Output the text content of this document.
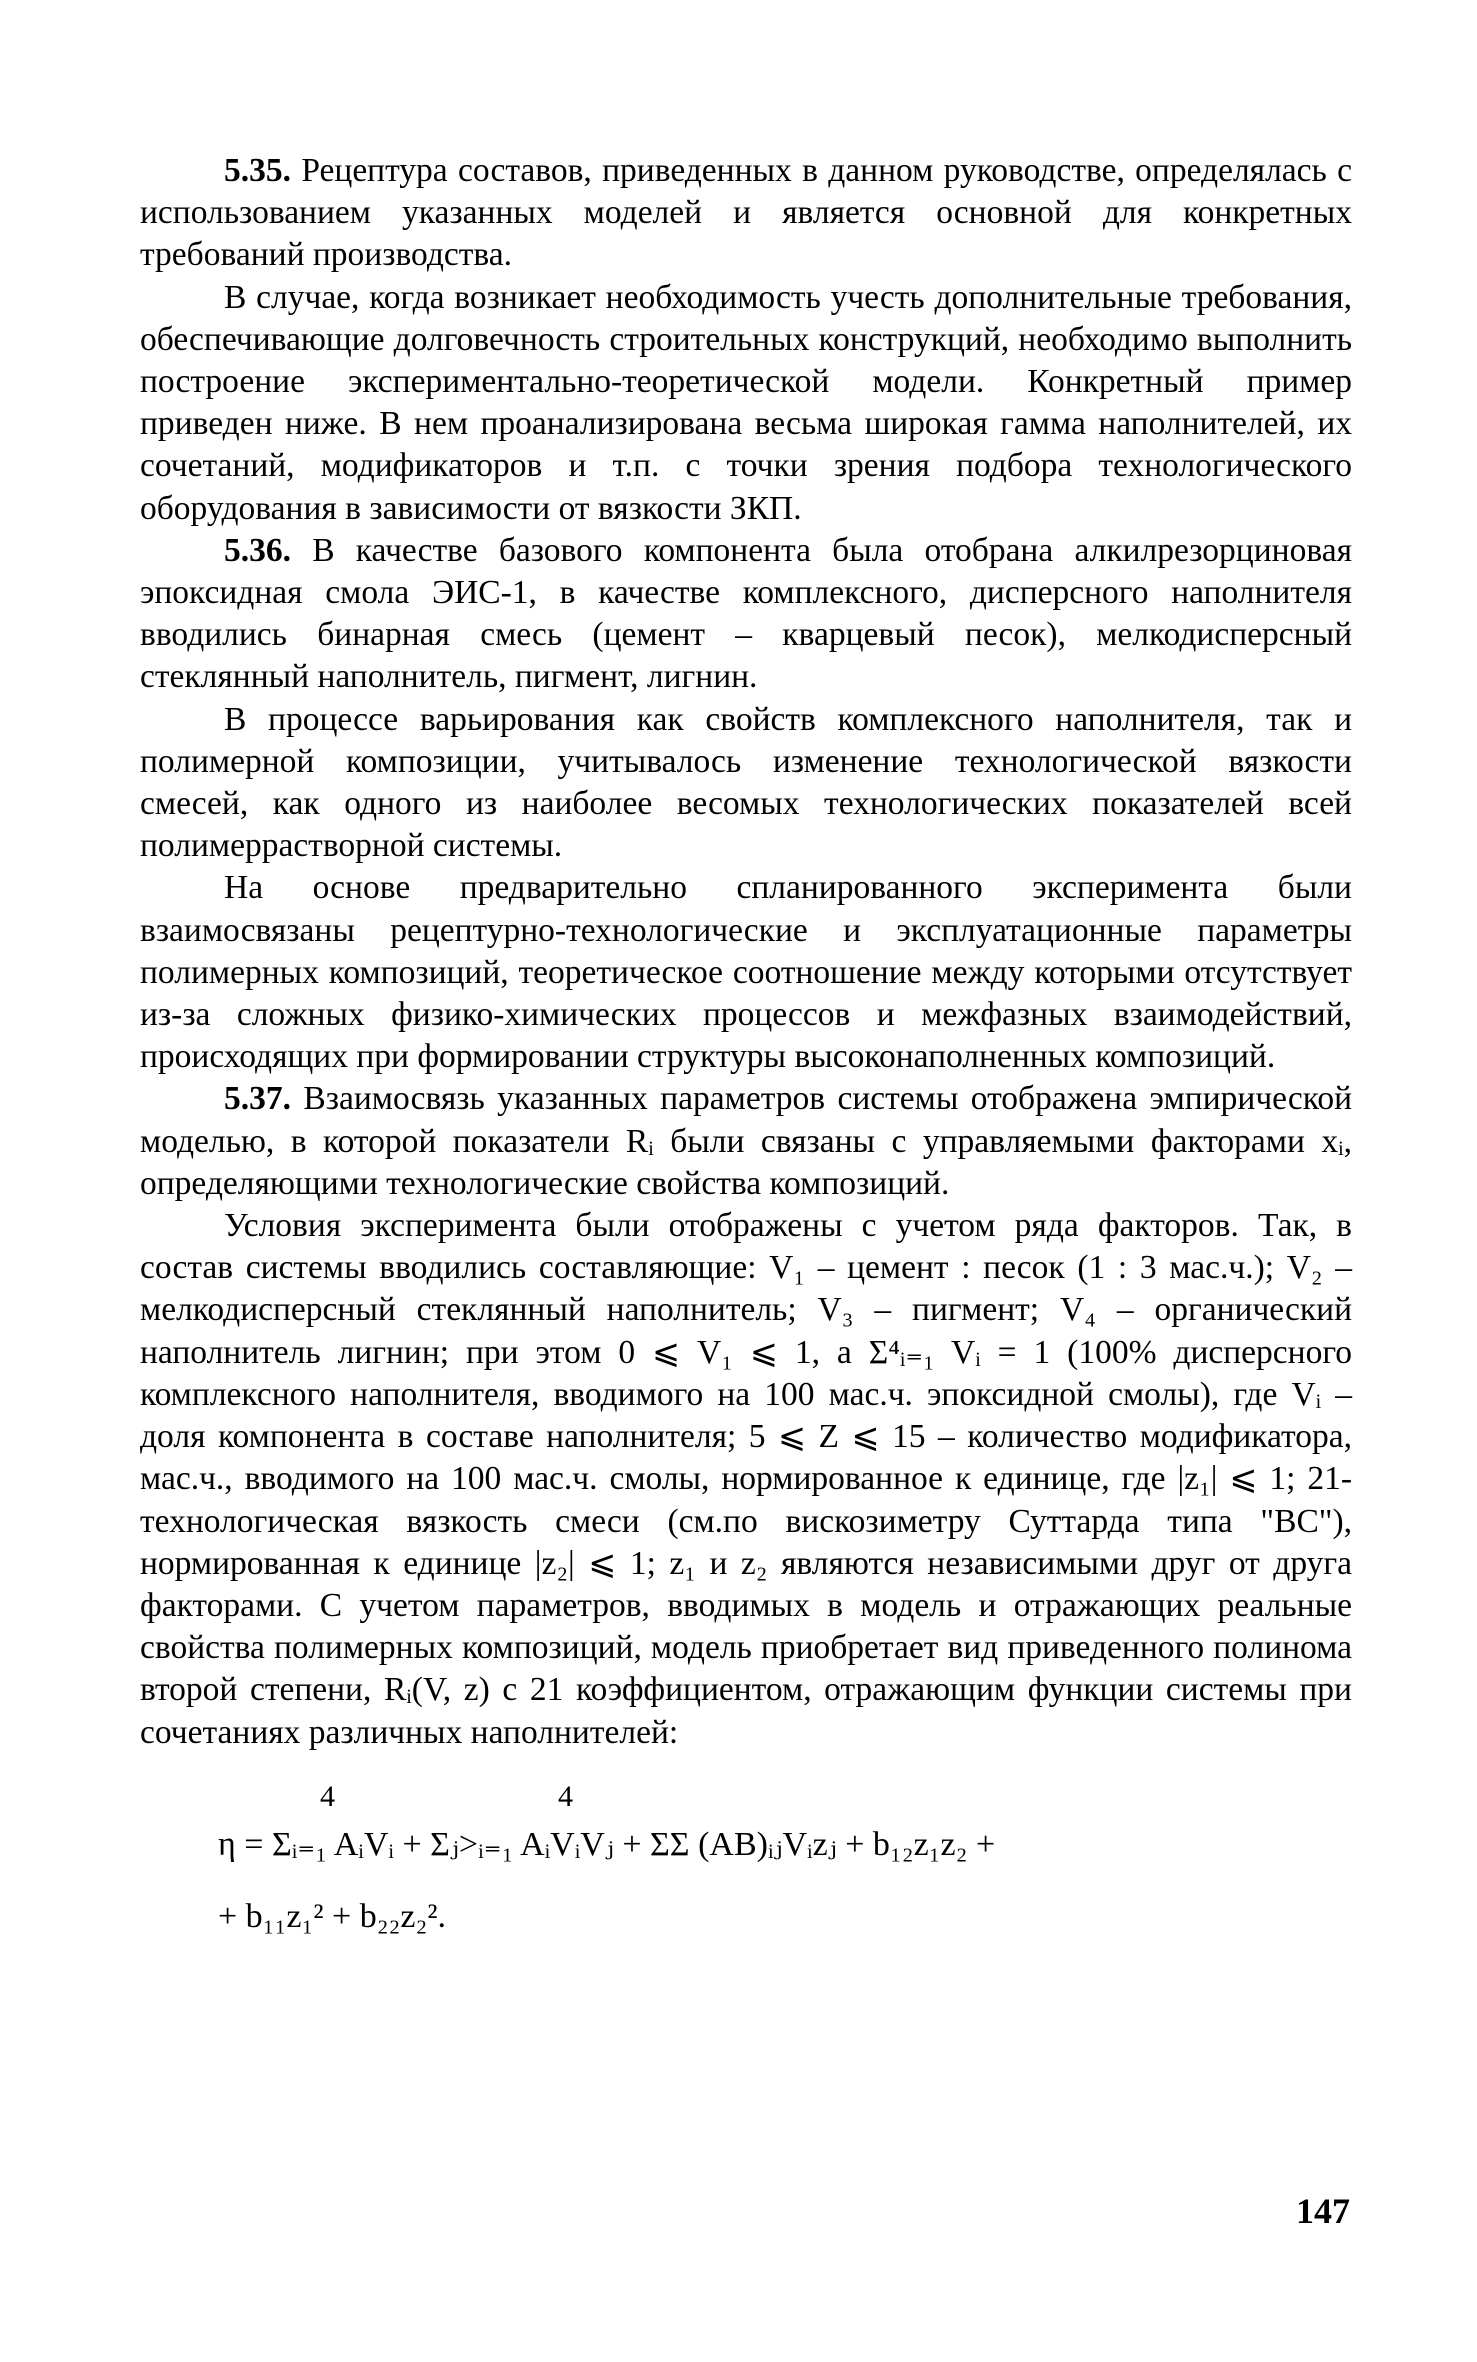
5.35. Рецептура составов, приведенных в данном руководстве, определялась с использованием указанных моделей и является основной для конкретных требований производства.

В случае, когда возникает необходимость учесть дополнительные требования, обеспечивающие долговечность строительных конструкций, необходимо выполнить построение экспериментально-теоретической модели. Конкретный пример приведен ниже. В нем проанализирована весьма широкая гамма наполнителей, их сочетаний, модификаторов и т.п. с точки зрения подбора технологического оборудования в зависимости от вязкости ЗКП.

5.36. В качестве базового компонента была отобрана алкилрезорциновая эпоксидная смола ЭИС-1, в качестве комплексного, дисперсного наполнителя вводились бинарная смесь (цемент – кварцевый песок), мелкодисперсный стеклянный наполнитель, пигмент, лигнин.

В процессе варьирования как свойств комплексного наполнителя, так и полимерной композиции, учитывалось изменение технологической вязкости смесей, как одного из наиболее весомых технологических показателей всей полимеррастворной системы.

На основе предварительно спланированного эксперимента были взаимосвязаны рецептурно-технологические и эксплуатационные параметры полимерных композиций, теоретическое соотношение между которыми отсутствует из-за сложных физико-химических процессов и межфазных взаимодействий, происходящих при формировании структуры высоконаполненных композиций.

5.37. Взаимосвязь указанных параметров системы отображена эмпирической моделью, в которой показатели Rᵢ были связаны с управляемыми факторами xᵢ, определяющими технологические свойства композиций.

Условия эксперимента были отображены с учетом ряда факторов. Так, в состав системы вводились составляющие: V₁ – цемент : песок (1 : 3 мас.ч.); V₂ – мелкодисперсный стеклянный наполнитель; V₃ – пигмент; V₄ – органический наполнитель лигнин; при этом 0 ⩽ V₁ ⩽ 1, а Σ⁴ᵢ₌₁ Vᵢ = 1 (100% дисперсного комплексного наполнителя, вводимого на 100 мас.ч. эпоксидной смолы), где Vᵢ – доля компонента в составе наполнителя; 5 ⩽ Z ⩽ 15 – количество модификатора, мас.ч., вводимого на 100 мас.ч. смолы, нормированное к единице, где |z₁| ⩽ 1; 21-технологическая вязкость смеси (см.по вискозиметру Суттарда типа "ВС"), нормированная к единице |z₂| ⩽ 1; z₁ и z₂ являются независимыми друг от друга факторами. С учетом параметров, вводимых в модель и отражающих реальные свойства полимерных композиций, модель приобретает вид приведенного полинома второй степени, Rᵢ(V, z) с 21 коэффициентом, отражающим функции системы при сочетаниях различных наполнителей:

4	4
η = Σᵢ₌₁ AᵢVᵢ + Σⱼ>ᵢ₌₁ AᵢVᵢVⱼ + ΣΣ (AB)ᵢⱼVᵢzⱼ + b₁₂z₁z₂ +
+ b₁₁z₁² + b₂₂z₂².
147
